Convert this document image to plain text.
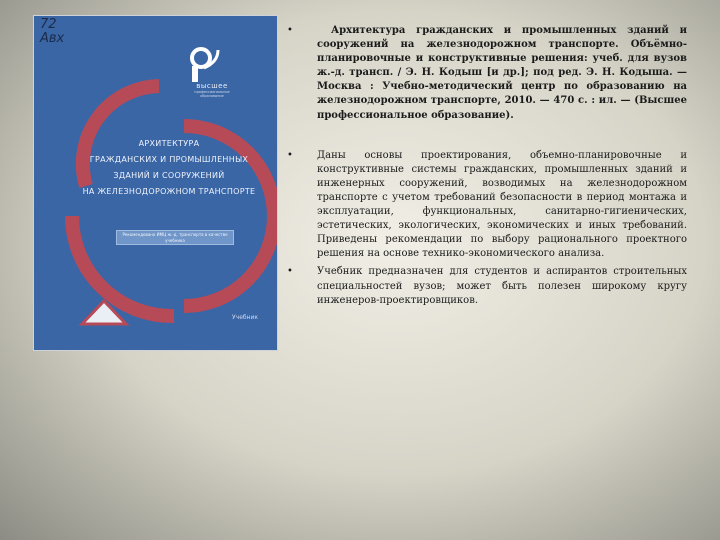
72
Авх
высшее
профессиональное образование
АРХИТЕКТУРА
ГРАЖДАНСКИХ И ПРОМЫШЛЕННЫХ
ЗДАНИЙ И СООРУЖЕНИЙ
НА ЖЕЛЕЗНОДОРОЖНОМ ТРАНСПОРТЕ
Рекомендовано ИМЦ ж.-д. транспорта в качестве учебника
Учебник
•	Архитектура гражданских и промышленных зданий и сооружений на железнодорожном транспорте. Объёмно-планировочные и конструктивные решения: учеб. для вузов ж.-д. трансп. / Э. Н. Кодыш [и др.]; под ред. Э. Н. Кодыша. — Москва : Учебно-методический центр по образованию на железнодорожном транспорте, 2010. — 470 с. : ил. — (Высшее профессиональное образование).
• Даны основы проектирования, объемно-планировочные и конструктивные системы гражданских, промышленных зданий и инженерных сооружений, возводимых на железнодорожном транспорте с учетом требований безопасности в период монтажа и эксплуатации, функциональных, санитарно-гигиенических, эстетических, экологических, экономических и иных требований. Приведены рекомендации по выбору рационального проектного решения на основе технико-экономического анализа.
• Учебник предназначен для студентов и аспирантов строительных специальностей вузов; может быть полезен широкому кругу инженеров-проектировщиков.
